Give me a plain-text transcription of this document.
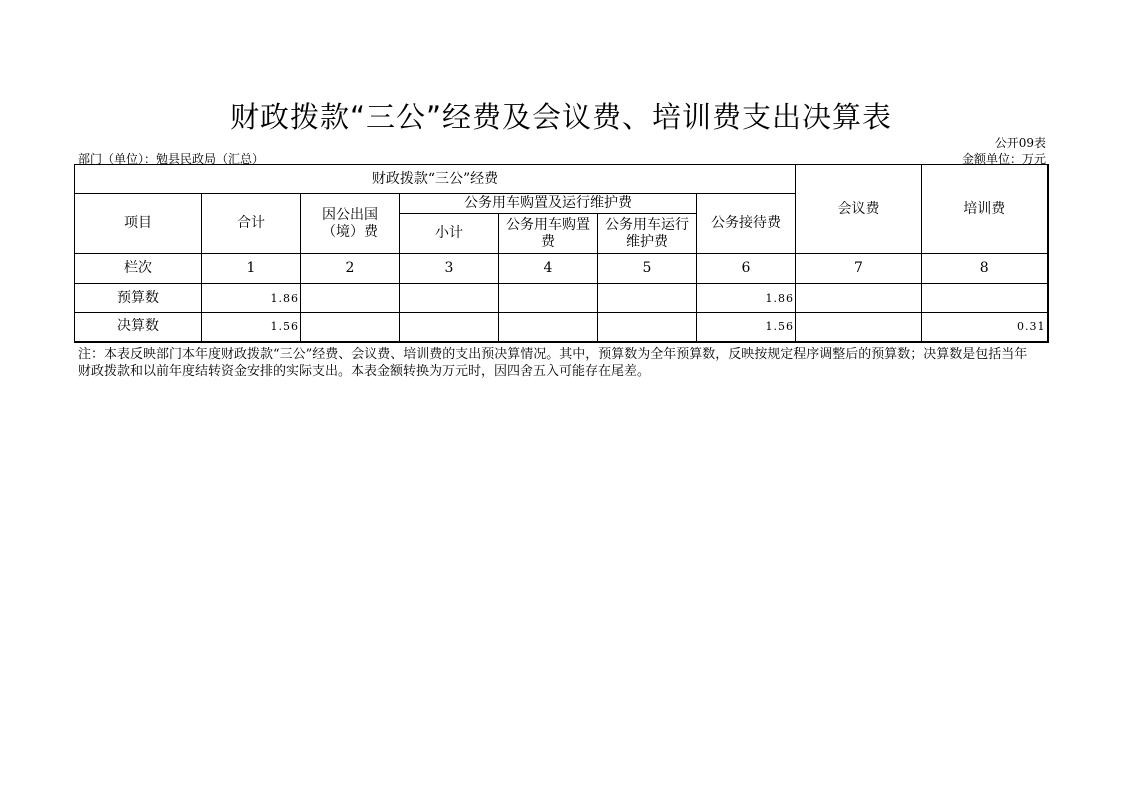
财政拨款“三公”经费及会议费、培训费支出决算表
公开09表
部门（单位）：勉县民政局（汇总）	金额单位：万元
财政拨款“三公”经费							会议费	培训费
项目	合计	因公出国（境）费	公务用车购置及运行维护费			公务接待费		
			小计	公务用车购置费	公务用车运行维护费			
栏次	1	2	3	4	5	6	7	8
预算数	1.86					1.86		
决算数	1.56					1.56		0.31
注：本表反映部门本年度财政拨款“三公”经费、会议费、培训费的支出预决算情况。其中，预算数为全年预算数，反映按规定程序调整后的预算数；决算数是包括当年财政拨款和以前年度结转资金安排的实际支出。本表金额转换为万元时，因四舍五入可能存在尾差。
